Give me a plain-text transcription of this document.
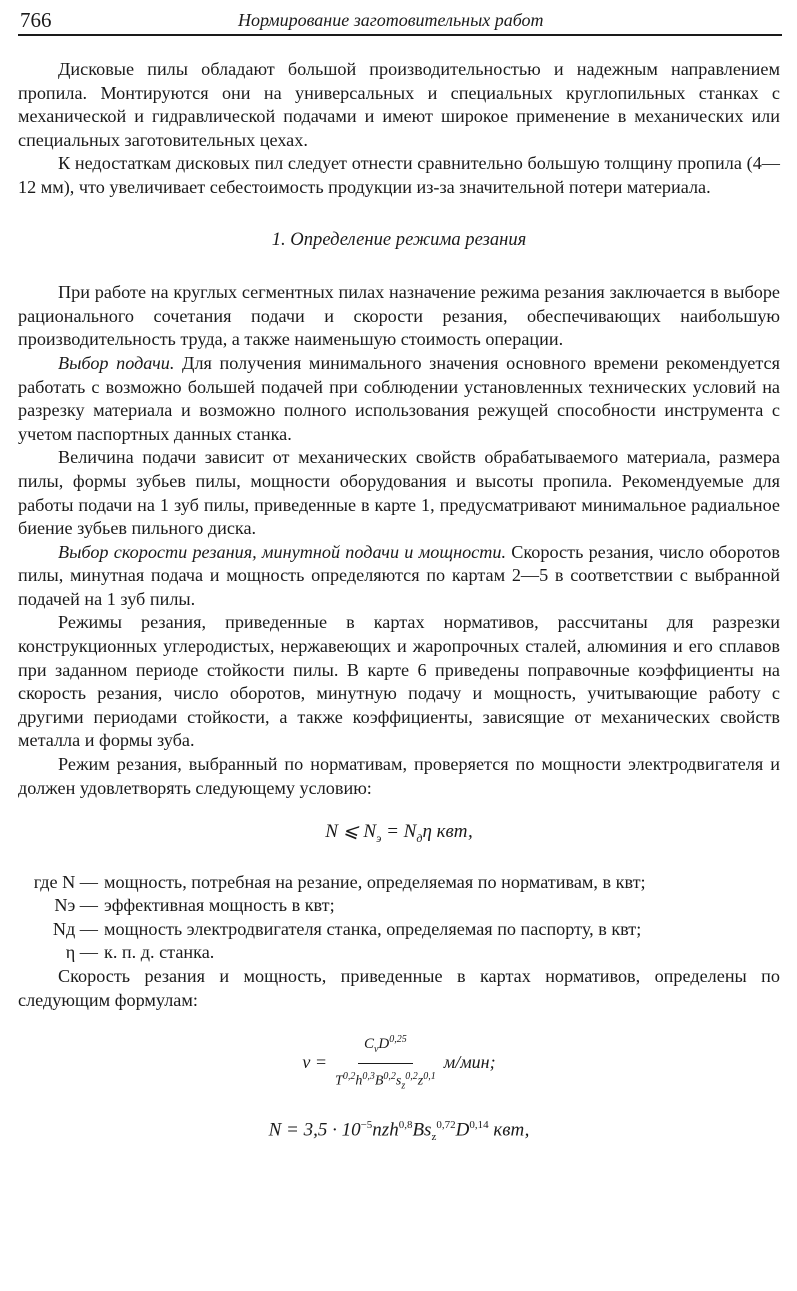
766	Нормирование заготовительных работ

Дисковые пилы обладают большой производительностью и надежным направлением пропила. Монтируются они на универсальных и специальных круглопильных станках с механической и гидравлической подачами и имеют широкое применение в механических или специальных заготовительных цехах.

К недостаткам дисковых пил следует отнести сравнительно большую толщину пропила (4—12 мм), что увеличивает себестоимость продукции из-за значительной потери материала.

1. Определение режима резания

При работе на круглых сегментных пилах назначение режима резания заключается в выборе рационального сочетания подачи и скорости резания, обеспечивающих наибольшую производительность труда, а также наименьшую стоимость операции.

Выбор подачи. Для получения минимального значения основного времени рекомендуется работать с возможно большей подачей при соблюдении установленных технических условий на разрезку материала и возможно полного использования режущей способности инструмента с учетом паспортных данных станка.

Величина подачи зависит от механических свойств обрабатываемого материала, размера пилы, формы зубьев пилы, мощности оборудования и высоты пропила. Рекомендуемые для работы подачи на 1 зуб пилы, приведенные в карте 1, предусматривают минимальное радиальное биение зубьев пильного диска.

Выбор скорости резания, минутной подачи и мощности. Скорость резания, число оборотов пилы, минутная подача и мощность определяются по картам 2—5 в соответствии с выбранной подачей на 1 зуб пилы.

Режимы резания, приведенные в картах нормативов, рассчитаны для разрезки конструкционных углеродистых, нержавеющих и жаропрочных сталей, алюминия и его сплавов при заданном периоде стойкости пилы. В карте 6 приведены поправочные коэффициенты на скорость резания, число оборотов, минутную подачу и мощность, учитывающие работу с другими периодами стойкости, а также коэффициенты, зависящие от механических свойств металла и формы зуба.

Режим резания, выбранный по нормативам, проверяется по мощности электродвигателя и должен удовлетворять следующему условию:

N ⩽ $N_э = N_д\eta$ квт,
где N — мощность, потребная на резание, определяемая по нормативам, в квт;
Nэ — эффективная мощность в квт;
Nд — мощность электродвигателя станка, определяемая по паспорту, в квт;
η — к. п. д. станка.

Скорость резания и мощность, приведенные в картах нормативов, определены по следующим формулам:

$v = \frac{C_vD^{0,25}}{T^{0,2}h^{0,3}B^{0,2}s_z^{0,2}z^{0,1}} м/мин$;
$N = 3,5 \cdot 10^{-5}nzh^{0,8}Bs_z^{0,72}D^{0,14}$ квт,
